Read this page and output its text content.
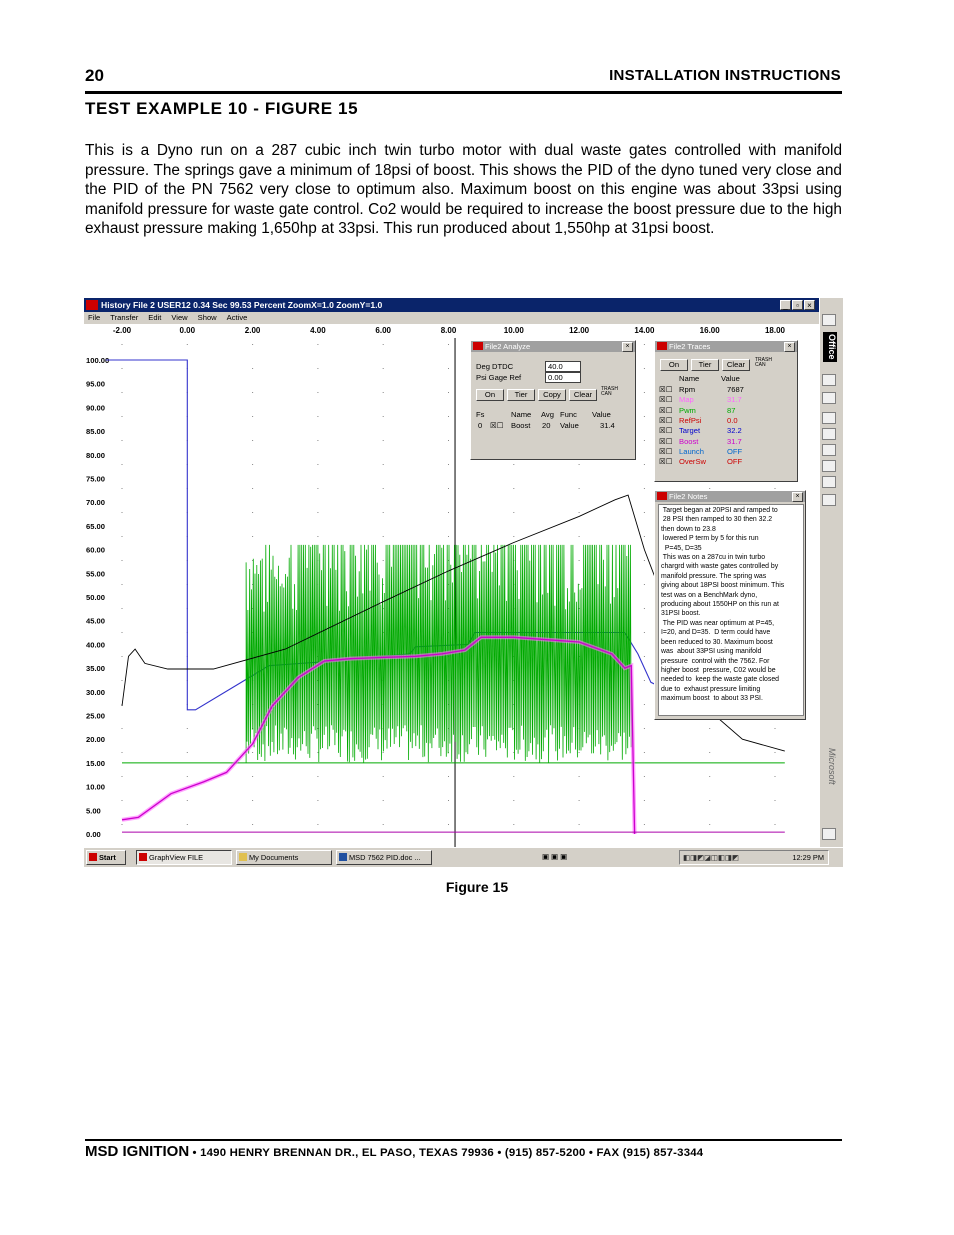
20	INSTALLATION INSTRUCTIONS
TEST EXAMPLE 10 - FIGURE 15
This is a Dyno run on a 287 cubic inch twin turbo motor with dual waste gates controlled with manifold pressure. The springs gave a minimum of 18psi of boost. This shows the PID of the dyno tuned very close and the PID of the PN 7562 very close to optimum also. Maximum boost on this engine was about 33psi using manifold pressure for waste gate control. Co2 would be required to increase the boost pressure due to the high exhaust pressure making 1,650hp at 33psi. This run produced about 1,550hp at 31psi boost.
History File 2 USER12 0.34 Sec 99.53 Percent ZoomX=1.0 ZoomY=1.0	_	▫	×
File Transfer Edit View Show Active
-2.00	0.00	2.00	4.00	6.00	8.00	10.00	12.00	14.00	16.00	18.00
100.00
95.00
90.00
85.00
80.00
75.00
70.00
65.00
60.00
55.00
50.00
45.00
40.00
35.00
30.00
25.00
20.00
15.00
10.00
5.00
0.00
File2 Analyze	×
Deg DTDC	40.0
Psi Gage Ref	0.00
On	Tier	Copy	Clear
TRASH CAN
Fs	Name Avg Func Value
0 ☒☐ Boost 20 Value	31.4
File2 Traces	×
On	Tier	Clear	TRASH CAN
Name	Value
☒☐ Rpm	7687
☒☐ Map	31.7
☒☐ Pwm	87
☒☐ RefPsi	0.0
☒☐ Target	32.2
☒☐ Boost	31.7
☒☐ Launch	OFF
☒☐ OverSw	OFF
File2 Notes	×
Target began at 20PSI and ramped to
28 PSI then ramped to 30 then 32.2
then down to 23.8
lowered P term by 5 for this run
P=45, D=35
This was on a 287cu in twin turbo
chargrd with waste gates controlled by
manifold pressure. The spring was
giving about 18PSI boost minimum. This
test was on a BenchMark dyno,
producing about 1550HP on this run at
31PSI boost.
The PID was near optimum at P=45,
I=20, and D=35.  D term could have
been reduced to 30. Maximum boost
was  about 33PSI using manifold
pressure  control with the 7562. For
higher boost  pressure, C02 would be
needed to  keep the waste gate closed
due to  exhaust pressure limiting
maximum boost  to about 33 PSI.
Office
Microsoft
Start	GraphView FILE	My Documents	MSD 7562 PID.doc ...	▣ ▣ ▣	◧◨◩◪◫◧◨◩	12:29 PM
Figure 15
MSD IGNITION • 1490 HENRY BRENNAN DR., EL PASO, TEXAS 79936 • (915) 857-5200 • FAX (915) 857-3344
